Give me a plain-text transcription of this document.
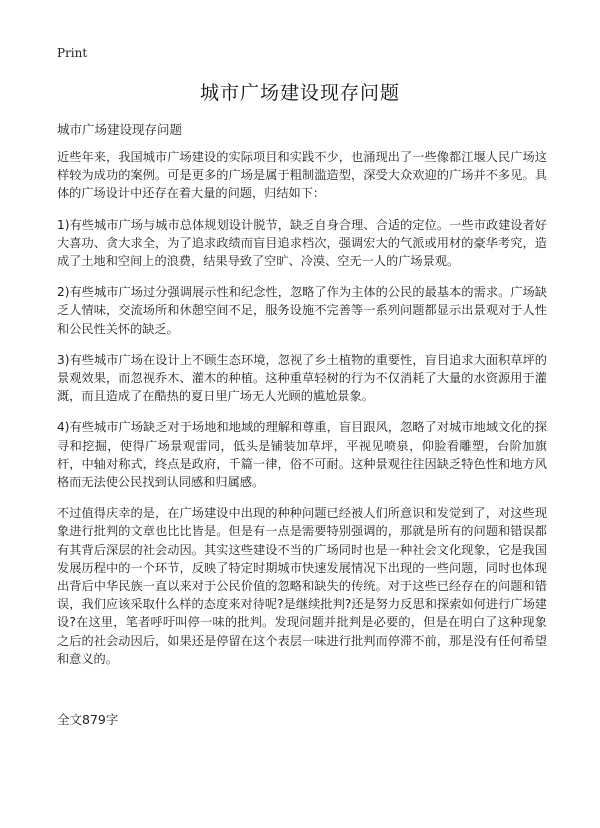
Print
城市广场建设现存问题
城市广场建设现存问题

近些年来，我国城市广场建设的实际项目和实践不少，也涌现出了一些像都江堰人民广场这样较为成功的案例。可是更多的广场是属于粗制滥造型，深受大众欢迎的广场并不多见。具体的广场设计中还存在着大量的问题，归结如下：

1)有些城市广场与城市总体规划设计脱节，缺乏自身合理、合适的定位。一些市政建设者好大喜功、贪大求全，为了追求政绩而盲目追求档次，强调宏大的气派或用材的豪华考究，造成了土地和空间上的浪费，结果导致了空旷、冷漠、空无一人的广场景观。

2)有些城市广场过分强调展示性和纪念性，忽略了作为主体的公民的最基本的需求。广场缺乏人情味，交流场所和休憩空间不足，服务设施不完善等一系列问题都显示出景观对于人性和公民性关怀的缺乏。

3)有些城市广场在设计上不顾生态环境，忽视了乡土植物的重要性，盲目追求大面积草坪的景观效果，而忽视乔木、灌木的种植。这种重草轻树的行为不仅消耗了大量的水资源用于灌溉，而且造成了在酷热的夏日里广场无人光顾的尴尬景象。

4)有些城市广场缺乏对于场地和地域的理解和尊重，盲目跟风，忽略了对城市地域文化的探寻和挖掘，使得广场景观雷同，低头是铺装加草坪，平视见喷泉，仰脸看雕塑，台阶加旗杆，中轴对称式，终点是政府，千篇一律，俗不可耐。这种景观往往因缺乏特色性和地方风格而无法使公民找到认同感和归属感。

不过值得庆幸的是，在广场建设中出现的种种问题已经被人们所意识和发觉到了，对这些现象进行批判的文章也比比皆是。但是有一点是需要特别强调的，那就是所有的问题和错误都有其背后深层的社会动因。其实这些建设不当的广场同时也是一种社会文化现象，它是我国发展历程中的一个环节，反映了特定时期城市快速发展情况下出现的一些问题，同时也体现出背后中华民族一直以来对于公民价值的忽略和缺失的传统。对于这些已经存在的问题和错误，我们应该采取什么样的态度来对待呢?是继续批判?还是努力反思和探索如何进行广场建设?在这里，笔者呼吁叫停一味的批判。发现问题并批判是必要的，但是在明白了这种现象之后的社会动因后，如果还是停留在这个表层一味进行批判而停滞不前，那是没有任何希望和意义的。

全文879字
